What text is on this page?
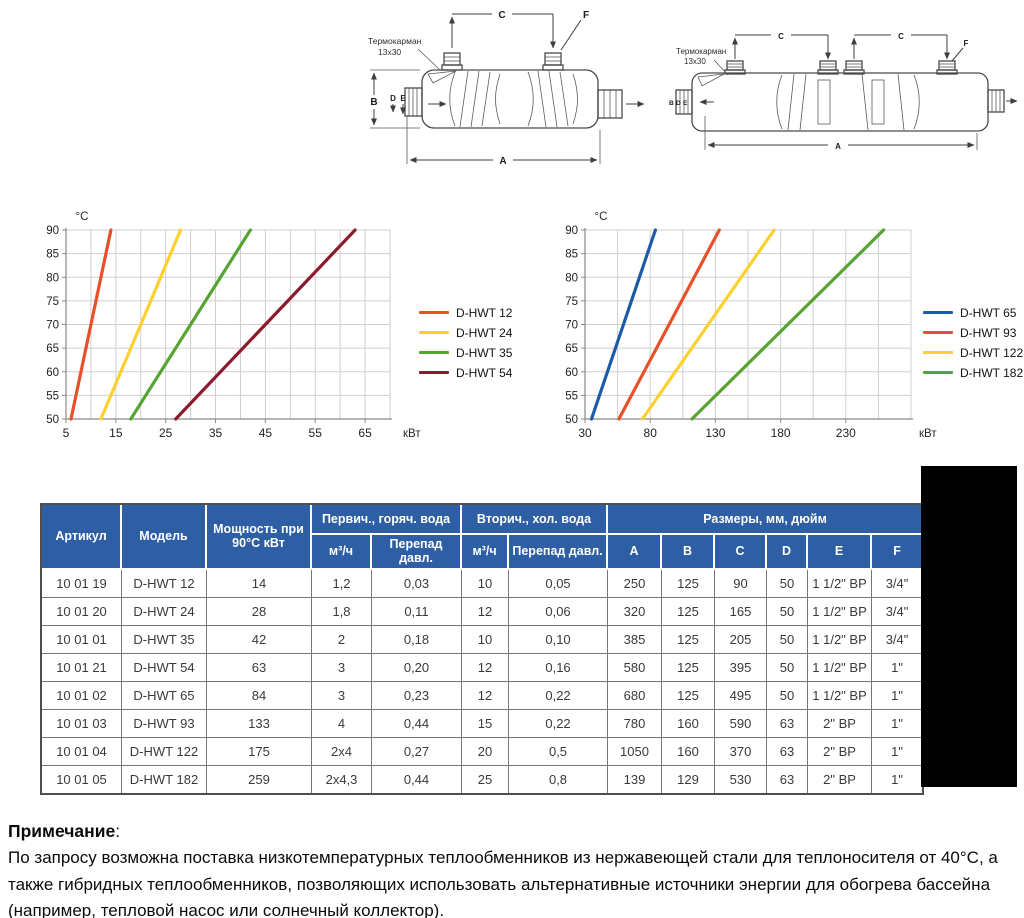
C	F
B D E
A
Термокарман
13х30
B D E
C	C
F
A
Термокарман
13х30
50
55
60
65
70
75
80
85
90
5	15	25	35	45	55	65
°C
кВт
D-HWT 12
D-HWT 24
D-HWT 35
D-HWT 54
50
55
60
65
70
75
80
85
90
30	80	130	180	230
°C
кВт
D-HWT 65
D-HWT 93
D-HWT 122
D-HWT 182
Артикул	Модель	Мощность при 90°С кВт	Первич., горяч. вода		Вторич., хол. вода		Размеры, мм, дюйм					
			м³/ч	Перепад давл.	м³/ч	Перепад давл.	A	B	C	D	E	F
10 01 19	D-HWT 12	14	1,2	0,03	10	0,05	250	125	90	50	1 1/2" ВР	3/4"
10 01 20	D-HWT 24	28	1,8	0,11	12	0,06	320	125	165	50	1 1/2" ВР	3/4"
10 01 01	D-HWT 35	42	2	0,18	10	0,10	385	125	205	50	1 1/2" ВР	3/4"
10 01 21	D-HWT 54	63	3	0,20	12	0,16	580	125	395	50	1 1/2" ВР	1"
10 01 02	D-HWT 65	84	3	0,23	12	0,22	680	125	495	50	1 1/2" ВР	1"
10 01 03	D-HWT 93	133	4	0,44	15	0,22	780	160	590	63	2" ВР	1"
10 01 04	D-HWT 122	175	2х4	0,27	20	0,5	1050	160	370	63	2" ВР	1"
10 01 05	D-HWT 182	259	2х4,3	0,44	25	0,8	139	129	530	63	2" ВР	1"
Примечание:
По запросу возможна поставка низкотемпературных теплообменников из нержавеющей стали для теплоносителя от 40°С, а также гибридных теплообменников, позволяющих использовать альтернативные источники энергии для обогрева бассейна (например, тепловой насос или солнечный коллектор).
